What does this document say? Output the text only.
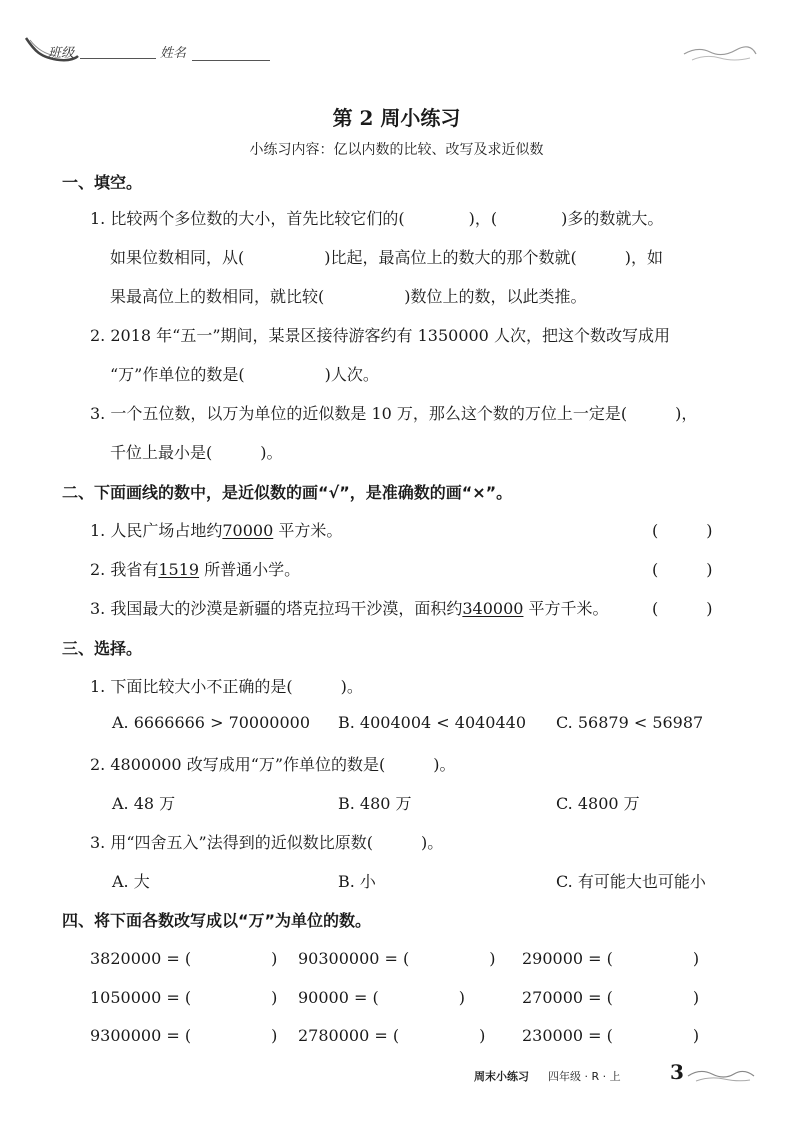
班级	姓名
第 2 周小练习
小练习内容：亿以内数的比较、改写及求近似数
一、填空。
1. 比较两个多位数的大小，首先比较它们的(　　　　)，(　　　　)多的数就大。
如果位数相同，从(　　　　　)比起，最高位上的数大的那个数就(　　　)，如
果最高位上的数相同，就比较(　　　　　)数位上的数，以此类推。
2. 2018 年“五一”期间，某景区接待游客约有 1350000 人次，把这个数改写成用
“万”作单位的数是(　　　　　)人次。
3. 一个五位数，以万为单位的近似数是 10 万，那么这个数的万位上一定是(　　　)，
千位上最小是(　　　)。
二、下面画线的数中，是近似数的画“√”，是准确数的画“×”。
1. 人民广场占地约70000 平方米。	(　　　)
2. 我省有1519 所普通小学。	(　　　)
3. 我国最大的沙漠是新疆的塔克拉玛干沙漠，面积约340000 平方千米。	(　　　)
三、选择。
1. 下面比较大小不正确的是(　　　)。
A. 6666666 > 70000000 B. 4004004 < 4040440 C. 56879 < 56987
2. 4800000 改写成用“万”作单位的数是(　　　)。
A. 48 万	B. 480 万	C. 4800 万
3. 用“四舍五入”法得到的近似数比原数(　　　)。
A. 大	B. 小	C. 有可能大也可能小
四、将下面各数改写成以“万”为单位的数。
3820000 = (　　　　　) 90300000 = (　　　　　) 290000 = (　　　　　)
1050000 = (　　　　　) 90000 = (　　　　　)	270000 = (　　　　　)
9300000 = (　　　　　) 2780000 = (　　　　　) 230000 = (　　　　　)
周末小练习 四年级 · R · 上 3
